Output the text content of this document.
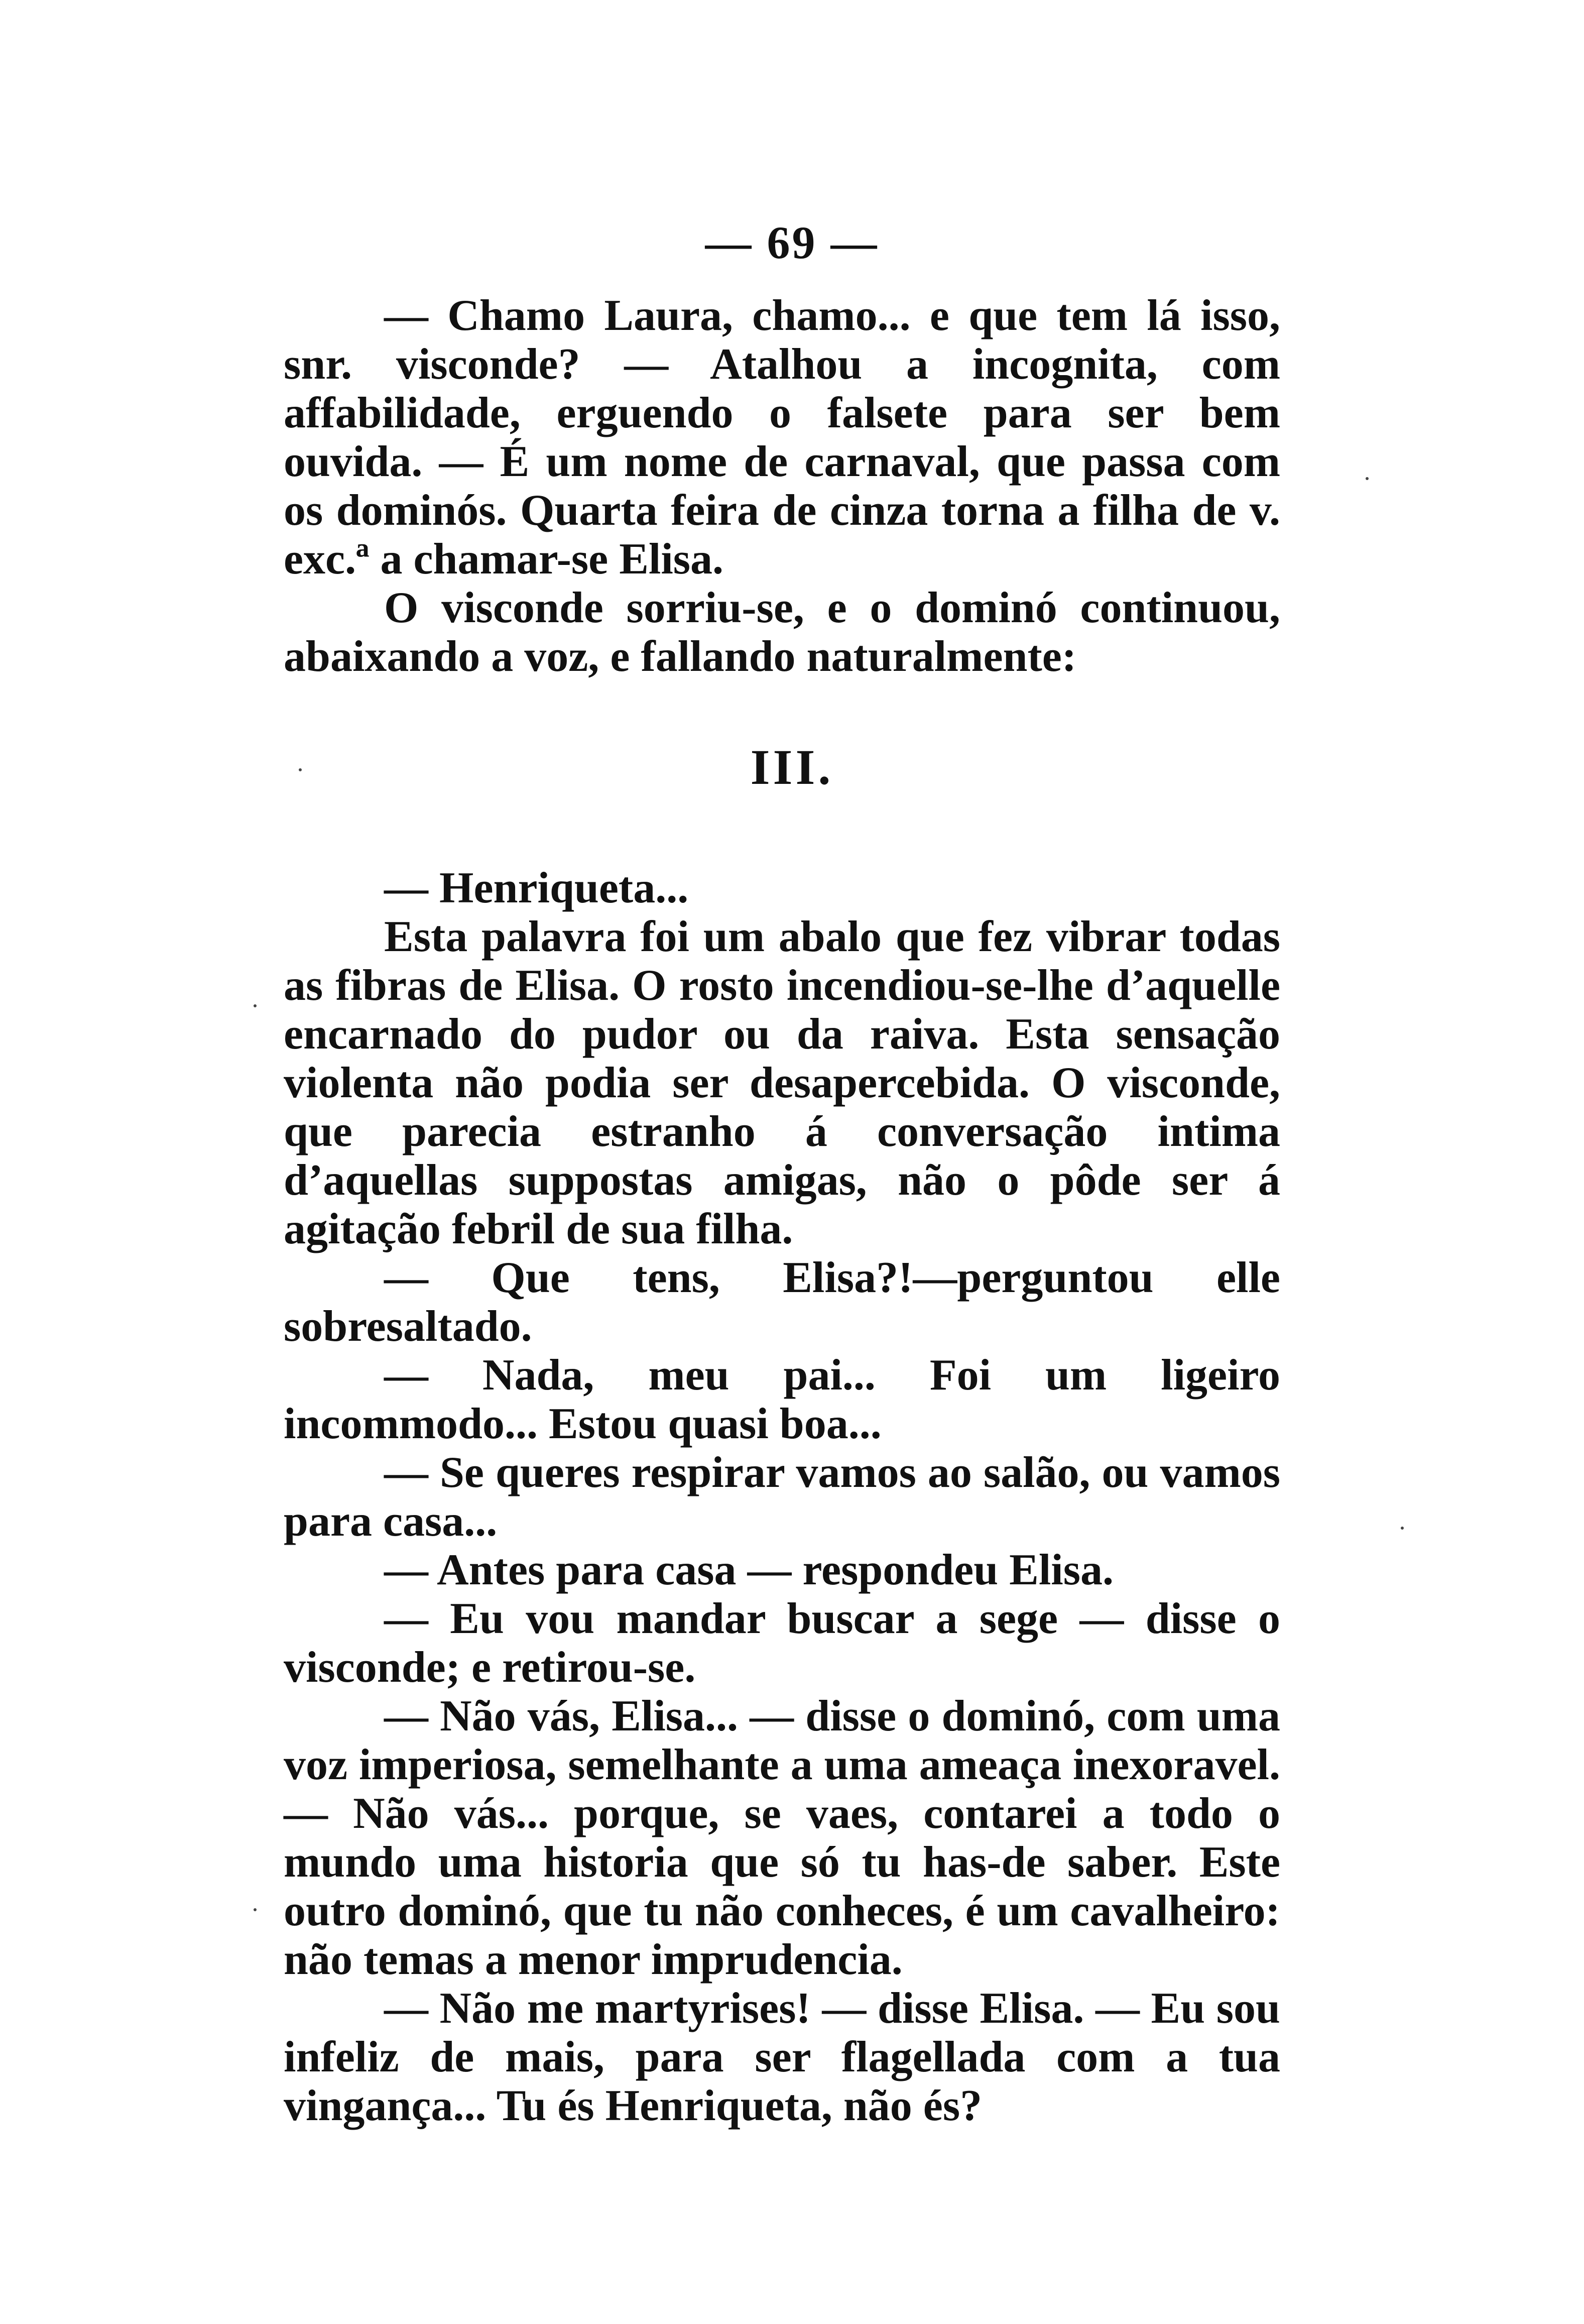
— 69 —

— Chamo Laura, chamo... e que tem lá isso, snr. visconde? — Atalhou a incognita, com affabilidade, erguendo o falsete para ser bem ouvida. — É um nome de carnaval, que passa com os dominós. Quarta feira de cinza torna a filha de v. exc.ª a chamar-se Elisa.

O visconde sorriu-se, e o dominó continuou, abaixando a voz, e fallando naturalmente:

III.

— Henriqueta...

Esta palavra foi um abalo que fez vibrar todas as fibras de Elisa. O rosto incendiou-se-lhe d’aquelle encarnado do pudor ou da raiva. Esta sensação violenta não podia ser desapercebida. O visconde, que parecia estranho á conversação intima d’aquellas suppostas amigas, não o pôde ser á agitação febril de sua filha.

— Que tens, Elisa?!—perguntou elle sobresaltado.

— Nada, meu pai... Foi um ligeiro incommodo... Estou quasi boa...

— Se queres respirar vamos ao salão, ou vamos para casa...

— Antes para casa — respondeu Elisa.

— Eu vou mandar buscar a sege — disse o visconde; e retirou-se.

— Não vás, Elisa... — disse o dominó, com uma voz imperiosa, semelhante a uma ameaça inexoravel. — Não vás... porque, se vaes, contarei a todo o mundo uma historia que só tu has-de saber. Este outro dominó, que tu não conheces, é um cavalheiro: não temas a menor imprudencia.

— Não me martyrises! — disse Elisa. — Eu sou infeliz de mais, para ser flagellada com a tua vingança... Tu és Henriqueta, não és?
